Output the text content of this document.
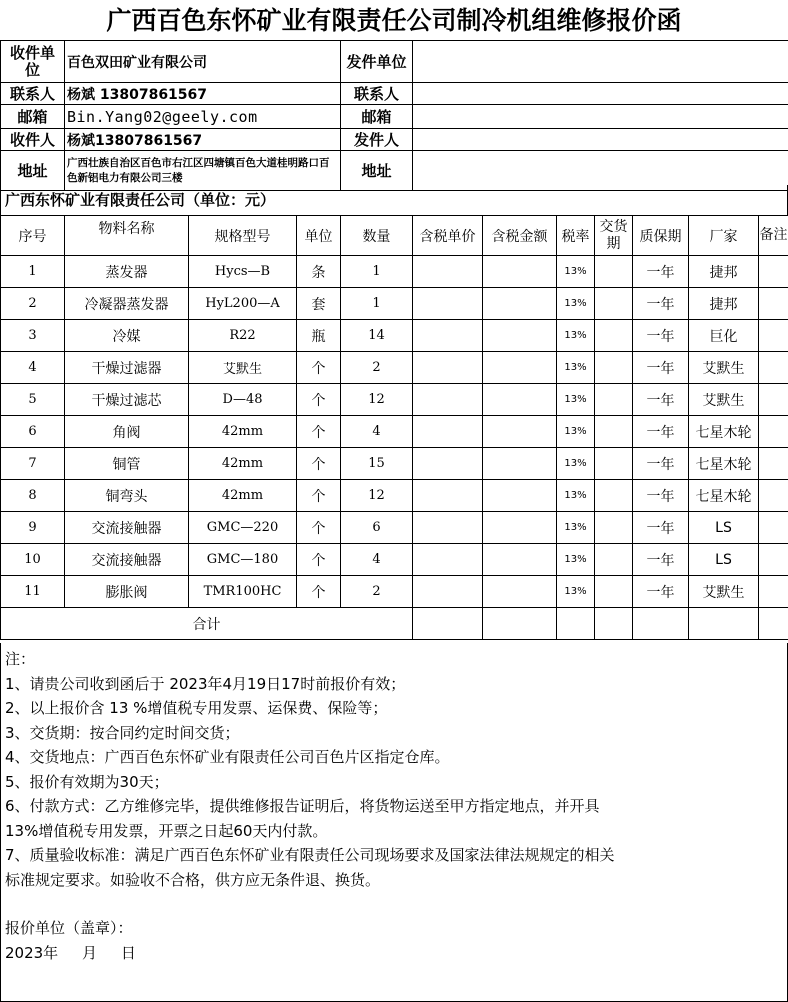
广西百色东怀矿业有限责任公司制冷机组维修报价函
收件单位	百色双田矿业有限公司	发件单位	
联系人	杨斌 13807861567	联系人	
邮箱	Bin.Yang02@geely.com	邮箱	
收件人	杨斌13807861567	发件人	
地址	广西壮族自治区百色市右江区四塘镇百色大道桂明路口百色新铝电力有限公司三楼	地址	
广西东怀矿业有限责任公司（单位：元）
序号	物料名称	规格型号	单位	数量	含税单价	含税金额	税率	交货期	质保期	厂家	备注
1	蒸发器	Hycs—B	条	1			13%		一年	捷邦	
2	冷凝器蒸发器	HyL200—A	套	1			13%		一年	捷邦	
3	冷媒	R22	瓶	14			13%		一年	巨化	
4	干燥过滤器	艾默生	个	2			13%		一年	艾默生	
5	干燥过滤芯	D—48	个	12			13%		一年	艾默生	
6	角阀	42mm	个	4			13%		一年	七星木轮	
7	铜管	42mm	个	15			13%		一年	七星木轮	
8	铜弯头	42mm	个	12			13%		一年	七星木轮	
9	交流接触器	GMC—220	个	6			13%		一年	LS	
10	交流接触器	GMC—180	个	4			13%		一年	LS	
11	膨胀阀	TMR100HC	个	2			13%		一年	艾默生	
合计											
注：
1、请贵公司收到函后于 2023年4月19日17时前报价有效；
2、以上报价含 13 %增值税专用发票、运保费、保险等；
3、交货期：按合同约定时间交货；
4、交货地点：广西百色东怀矿业有限责任公司百色片区指定仓库。
5、报价有效期为30天；
6、付款方式：乙方维修完毕，提供维修报告证明后，将货物运送至甲方指定地点，并开具
13%增值税专用发票，开票之日起60天内付款。
7、质量验收标准：满足广西百色东怀矿业有限责任公司现场要求及国家法律法规规定的相关
标准规定要求。如验收不合格，供方应无条件退、换货。
报价单位（盖章）：
2023年     月     日
